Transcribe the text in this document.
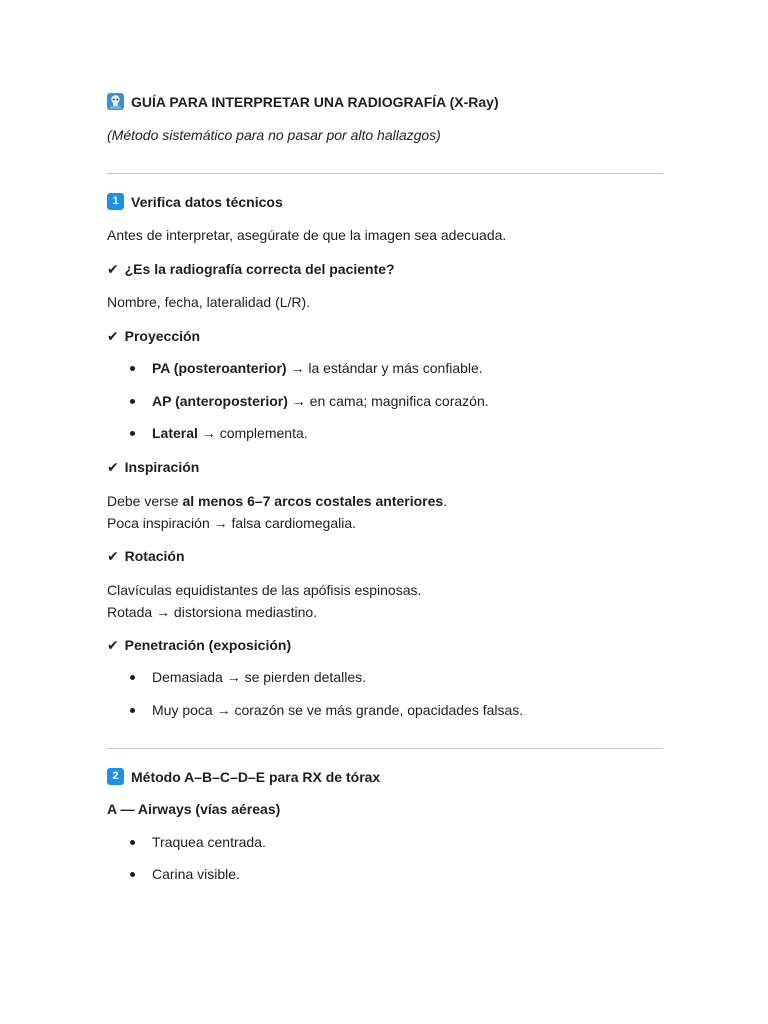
GUÍA PARA INTERPRETAR UNA RADIOGRAFÍA (X-Ray)
(Método sistemático para no pasar por alto hallazgos)
1 Verifica datos técnicos
Antes de interpretar, asegúrate de que la imagen sea adecuada.
✔ ¿Es la radiografía correcta del paciente?
Nombre, fecha, lateralidad (L/R).
✔ Proyección
PA (posteroanterior) → la estándar y más confiable.
AP (anteroposterior) → en cama; magnifica corazón.
Lateral → complementa.
✔ Inspiración
Debe verse al menos 6–7 arcos costales anteriores.
Poca inspiración → falsa cardiomegalia.
✔ Rotación
Clavículas equidistantes de las apófisis espinosas.
Rotada → distorsiona mediastino.
✔ Penetración (exposición)
Demasiada → se pierden detalles.
Muy poca → corazón se ve más grande, opacidades falsas.
2 Método A–B–C–D–E para RX de tórax
A — Airways (vías aéreas)
Traquea centrada.
Carina visible.
